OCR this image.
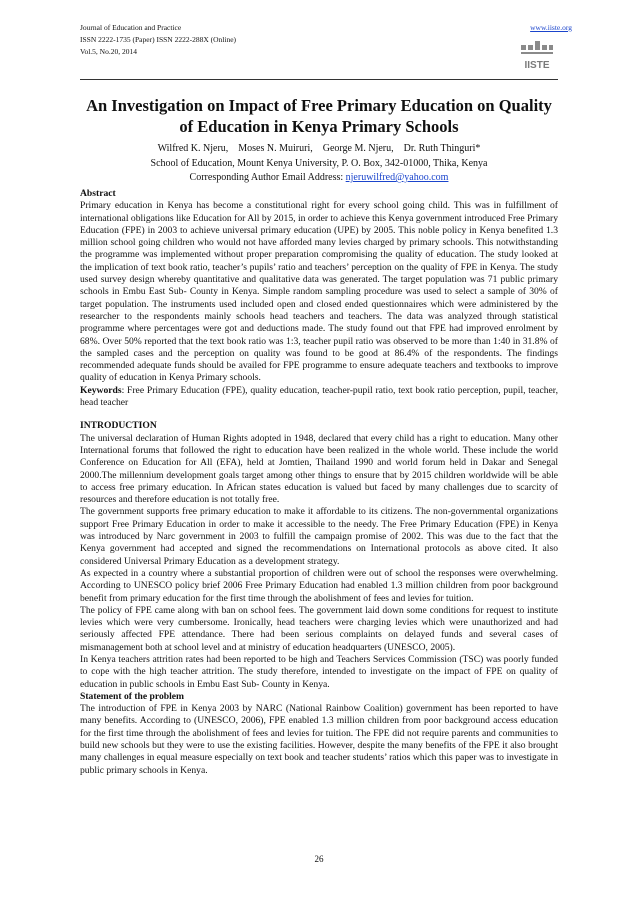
Journal of Education and Practice
ISSN 2222-1735 (Paper) ISSN 2222-288X (Online)
Vol.5, No.20, 2014
www.iiste.org
IISTE
An Investigation on Impact of Free Primary Education on Quality of Education in Kenya Primary Schools
Wilfred K. Njeru,    Moses N. Muiruri,    George M. Njeru,    Dr. Ruth Thinguri*
School of Education, Mount Kenya University, P. O. Box, 342-01000, Thika, Kenya
Corresponding Author Email Address: njeruwilfred@yahoo.com

Abstract

Primary education in Kenya has become a constitutional right for every school going child. This was in fulfillment of international obligations like Education for All by 2015, in order to achieve this Kenya government introduced Free Primary Education (FPE) in 2003 to achieve universal primary education (UPE) by 2005. This noble policy in Kenya benefited 1.3 million school going children who would not have afforded many levies charged by primary schools. This notwithstanding the programme was implemented without proper preparation compromising the quality of education. The study looked at the implication of text book ratio, teacher’s pupils’ ratio and teachers’ perception on the quality of FPE in Kenya. The study used survey design whereby quantitative and qualitative data was generated. The target population was 71 public primary schools in Embu East Sub- County in Kenya. Simple random sampling procedure was used to select a sample of 30% of target population. The instruments used included open and closed ended questionnaires which were administered by the researcher to the respondents mainly schools head teachers and teachers. The data was analyzed through statistical programme where percentages were got and deductions made. The study found out that FPE had improved enrolment by 68%. Over 50% reported that the text book ratio was 1:3, teacher pupil ratio was observed to be more than 1:40 in 31.8% of the sampled cases and the perception on quality was found to be good at 86.4% of the respondents. The findings recommended adequate funds should be availed for FPE programme to ensure adequate teachers and textbooks to improve quality of education in Kenya Primary schools.

Keywords: Free Primary Education (FPE), quality education, teacher-pupil ratio, text book ratio perception, pupil, teacher, head teacher

INTRODUCTION

The universal declaration of Human Rights adopted in 1948, declared that every child has a right to education. Many other International forums that followed the right to education have been realized in the whole world. These include the world Conference on Education for All (EFA), held at Jomtien, Thailand 1990 and world forum held in Dakar and Senegal 2000.The millennium development goals target among other things to ensure that by 2015 children worldwide will be able to access free primary education. In African states education is valued but faced by many challenges due to scarcity of resources and therefore education is not totally free.

The government supports free primary education to make it affordable to its citizens. The non-governmental organizations support Free Primary Education in order to make it accessible to the needy. The Free Primary Education (FPE) in Kenya was introduced by Narc government in 2003 to fulfill the campaign promise of 2002. This was due to the fact that the Kenya government had accepted and signed the recommendations on International protocols as above cited. It also considered Universal Primary Education as a development strategy.

As expected in a country where a substantial proportion of children were out of school the responses were overwhelming. According to UNESCO policy brief 2006 Free Primary Education had enabled 1.3 million children from poor background benefit from primary education for the first time through the abolishment of fees and levies for tuition.

The policy of FPE came along with ban on school fees. The government laid down some conditions for request to institute levies which were very cumbersome. Ironically, head teachers were charging levies which were unauthorized and had seriously affected FPE attendance. There had been serious complaints on delayed funds and several cases of mismanagement both at school level and at ministry of education headquarters (UNESCO, 2005).

In Kenya teachers attrition rates had been reported to be high and Teachers Services Commission (TSC) was poorly funded to cope with the high teacher attrition. The study therefore, intended to investigate on the impact of FPE on quality of education in public schools in Embu East Sub- County in Kenya.

Statement of the problem

The introduction of FPE in Kenya 2003 by NARC (National Rainbow Coalition) government has been reported to have many benefits. According to (UNESCO, 2006), FPE enabled 1.3 million children from poor background access education for the first time through the abolishment of fees and levies for tuition. The FPE did not require parents and communities to build new schools but they were to use the existing facilities. However, despite the many benefits of the FPE it also brought many challenges in equal measure especially on text book and teacher students’ ratios which this paper was to investigate in public primary schools in Kenya.

26
